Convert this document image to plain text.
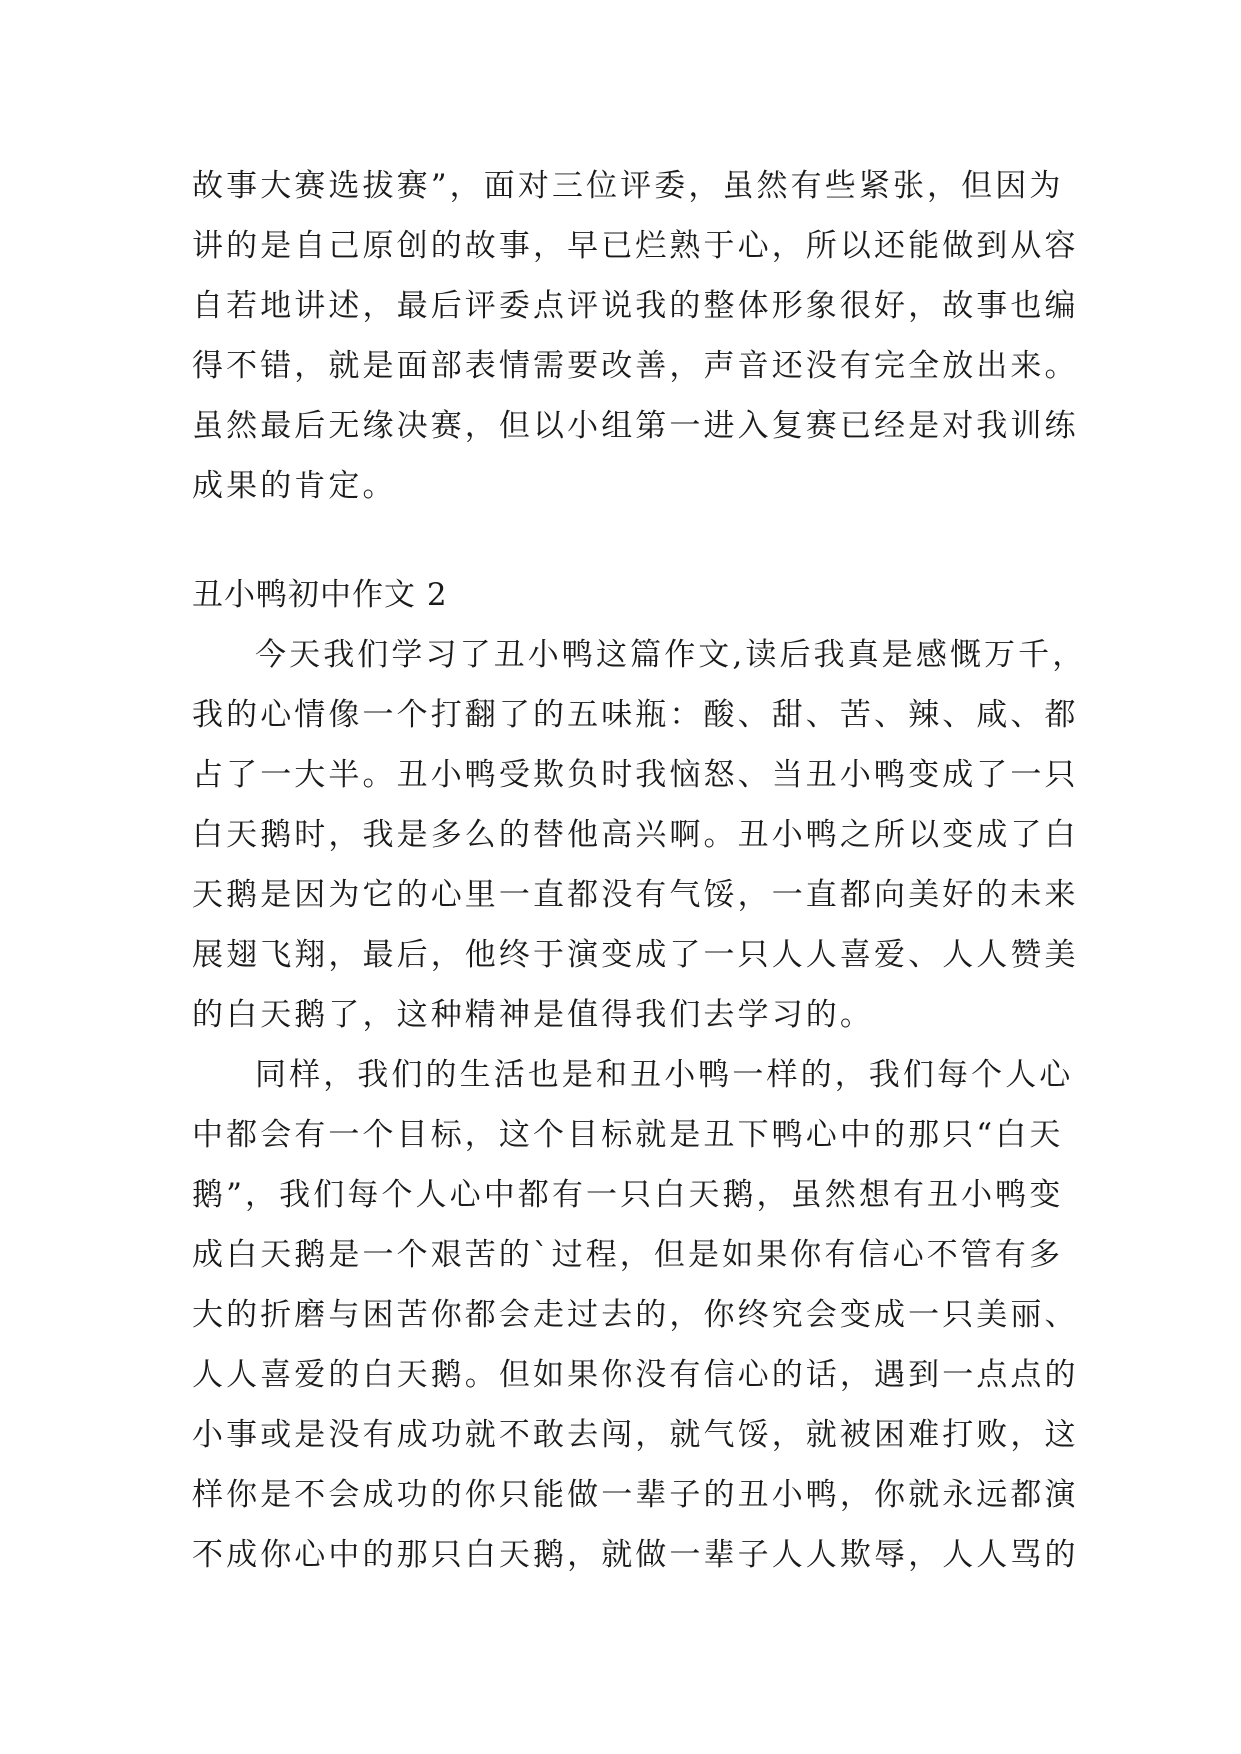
故事大赛选拔赛”，面对三位评委，虽然有些紧张，但因为
讲的是自己原创的故事，早已烂熟于心，所以还能做到从容
自若地讲述，最后评委点评说我的整体形象很好，故事也编
得不错，就是面部表情需要改善，声音还没有完全放出来。
虽然最后无缘决赛，但以小组第一进入复赛已经是对我训练
成果的肯定。
丑小鸭初中作文 2
今天我们学习了丑小鸭这篇作文,读后我真是感慨万千，
我的心情像一个打翻了的五味瓶：酸、甜、苦、辣、咸、都
占了一大半。丑小鸭受欺负时我恼怒、当丑小鸭变成了一只
白天鹅时，我是多么的替他高兴啊。丑小鸭之所以变成了白
天鹅是因为它的心里一直都没有气馁，一直都向美好的未来
展翅飞翔，最后，他终于演变成了一只人人喜爱、人人赞美
的白天鹅了，这种精神是值得我们去学习的。
同样，我们的生活也是和丑小鸭一样的，我们每个人心
中都会有一个目标，这个目标就是丑下鸭心中的那只“白天
鹅”，我们每个人心中都有一只白天鹅，虽然想有丑小鸭变
成白天鹅是一个艰苦的`过程，但是如果你有信心不管有多
大的折磨与困苦你都会走过去的，你终究会变成一只美丽、
人人喜爱的白天鹅。但如果你没有信心的话，遇到一点点的
小事或是没有成功就不敢去闯，就气馁，就被困难打败，这
样你是不会成功的你只能做一辈子的丑小鸭，你就永远都演
不成你心中的那只白天鹅，就做一辈子人人欺辱，人人骂的
